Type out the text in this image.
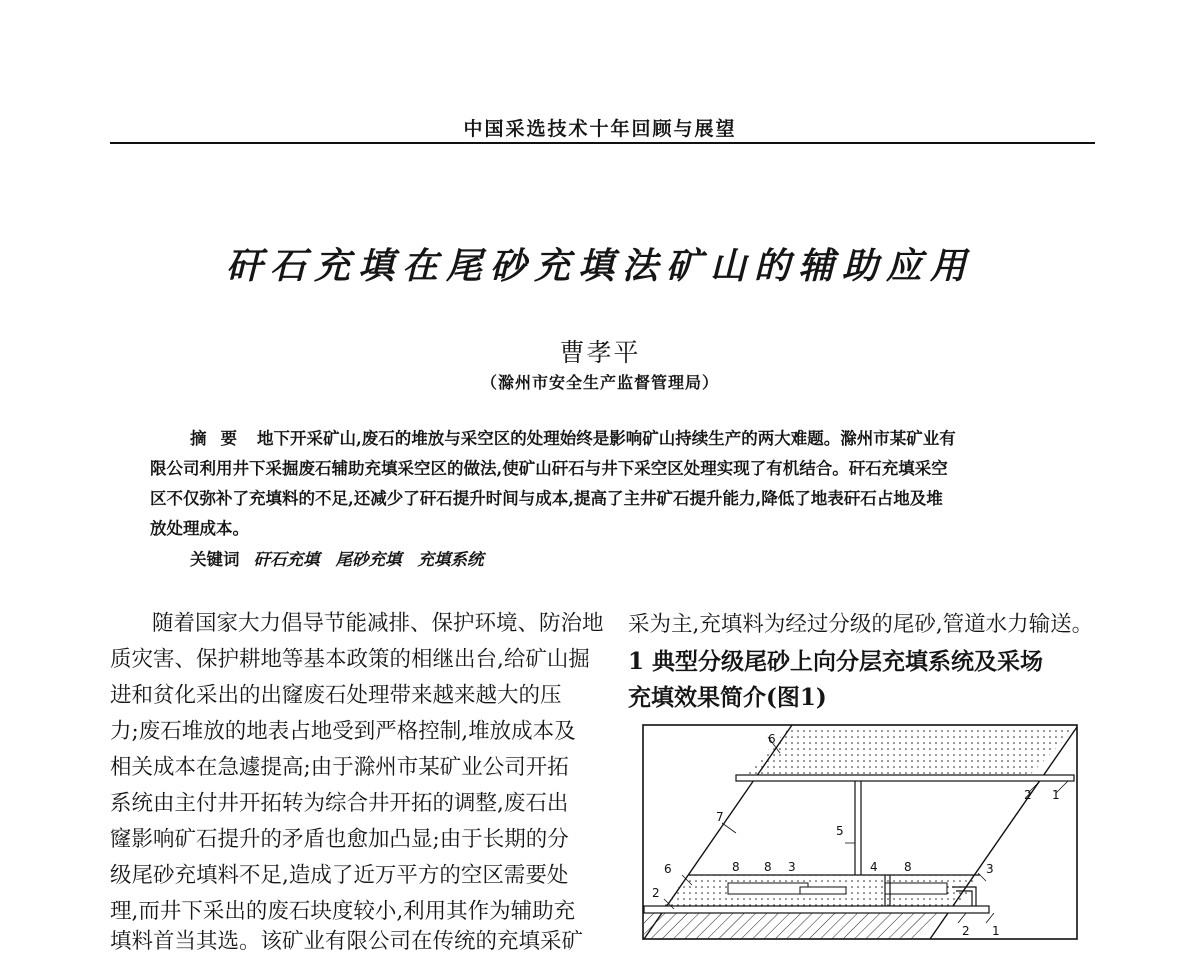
中国采选技术十年回顾与展望
矸石充填在尾砂充填法矿山的辅助应用
曹孝平
（滁州市安全生产监督管理局）
摘要 地下开采矿山,废石的堆放与采空区的处理始终是影响矿山持续生产的两大难题。滁州市某矿业有
限公司利用井下采掘废石辅助充填采空区的做法,使矿山矸石与井下采空区处理实现了有机结合。矸石充填采空
区不仅弥补了充填料的不足,还减少了矸石提升时间与成本,提高了主井矿石提升能力,降低了地表矸石占地及堆
放处理成本。
关键词 矸石充填 尾砂充填 充填系统
随着国家大力倡导节能减排、保护环境、防治地
质灾害、保护耕地等基本政策的相继出台,给矿山掘
进和贫化采出的出窿废石处理带来越来越大的压
力;废石堆放的地表占地受到严格控制,堆放成本及
相关成本在急遽提高;由于滁州市某矿业公司开拓
系统由主付井开拓转为综合井开拓的调整,废石出
窿影响矿石提升的矛盾也愈加凸显;由于长期的分
级尾砂充填料不足,造成了近万平方的空区需要处
理,而井下采出的废石块度较小,利用其作为辅助充
填料首当其选。该矿业有限公司在传统的充填采矿
采为主,充填料为经过分级的尾砂,管道水力输送。
1 典型分级尾砂上向分层充填系统及采场
充填效果简介(图1)
6
2 1
7
5
6	8 8 3	4 8	3
2
2 1
